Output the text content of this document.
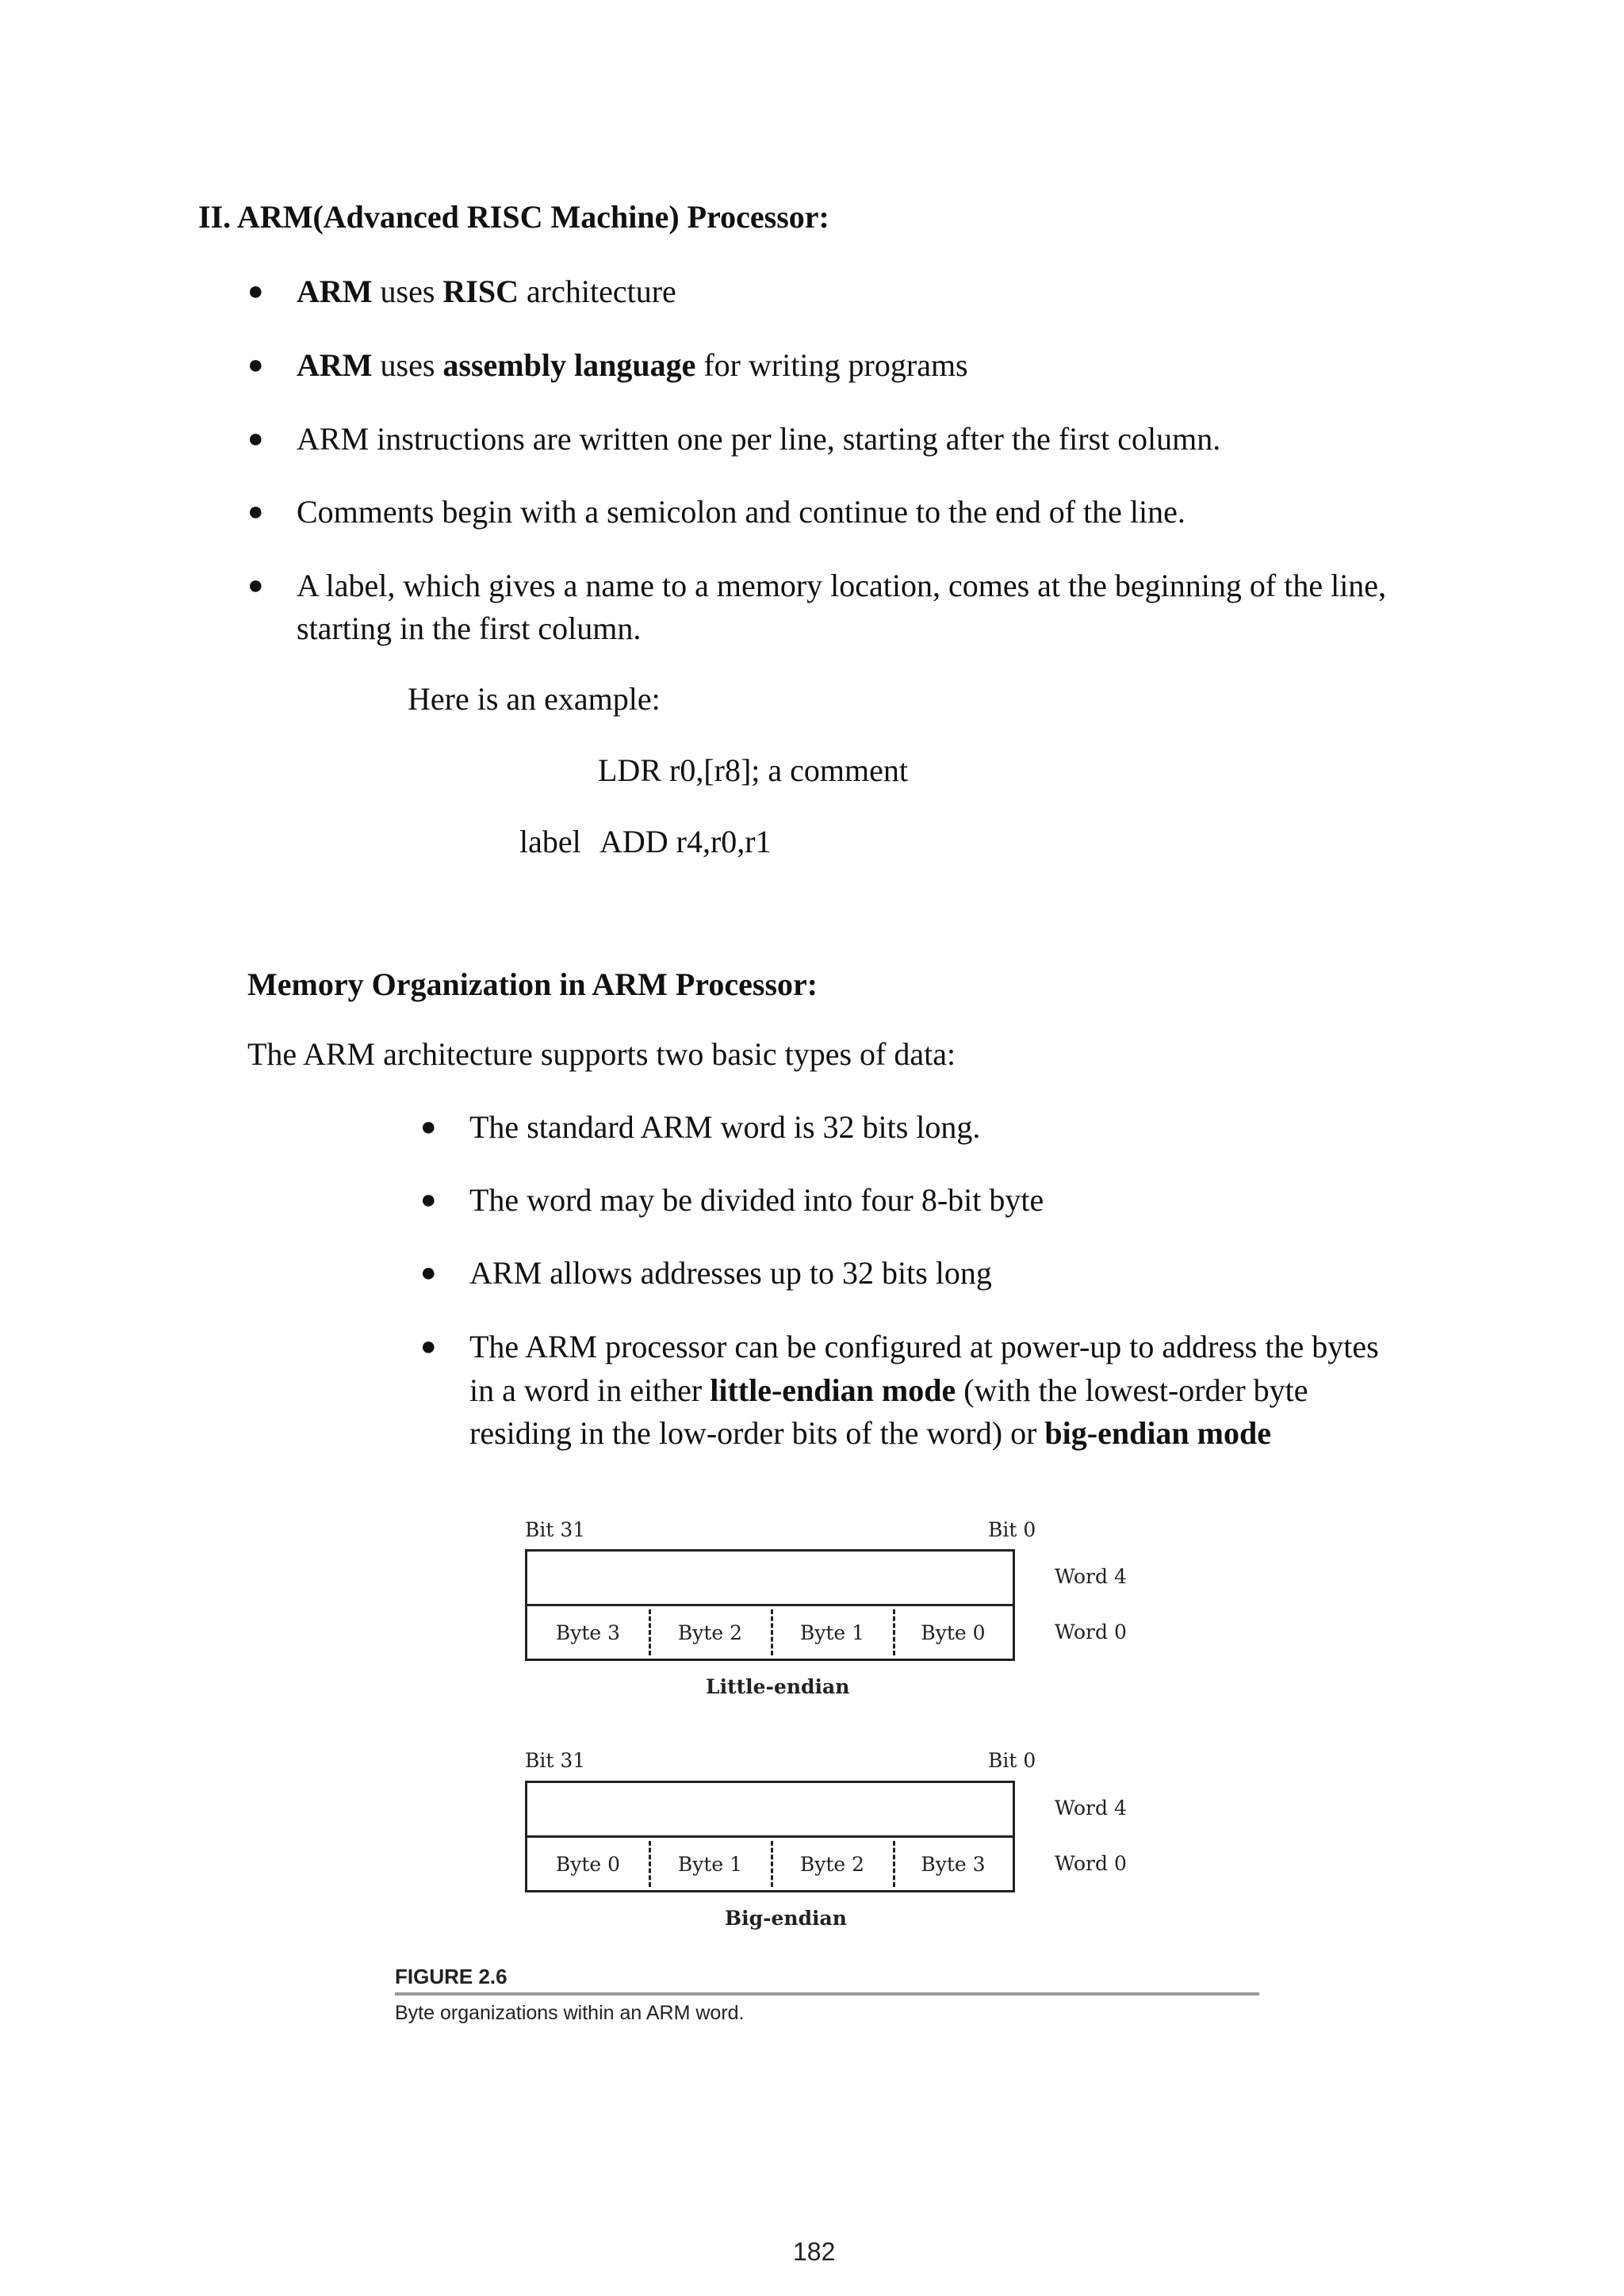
II. ARM(Advanced RISC Machine) Processor:
● ARM uses RISC architecture
● ARM uses assembly language for writing programs
● ARM instructions are written one per line, starting after the first column.
● Comments begin with a semicolon and continue to the end of the line.
● A label, which gives a name to a memory location, comes at the beginning of the line,
starting in the first column.
Here is an example:
LDR r0,[r8]; a comment
label ADD r4,r0,r1
Memory Organization in ARM Processor:
The ARM architecture supports two basic types of data:
● The standard ARM word is 32 bits long.
● The word may be divided into four 8-bit byte
● ARM allows addresses up to 32 bits long
● The ARM processor can be configured at power-up to address the bytes
in a word in either little-endian mode (with the lowest-order byte
residing in the low-order bits of the word) or big-endian mode
Bit 31	Bit 0
Word 4
Byte 3	Byte 2	Byte 1	Byte 0	Word 0
Little-endian
Bit 31	Bit 0
Word 4
Byte 0	Byte 1	Byte 2	Byte 3	Word 0
Big-endian
FIGURE 2.6
Byte organizations within an ARM word.
182
